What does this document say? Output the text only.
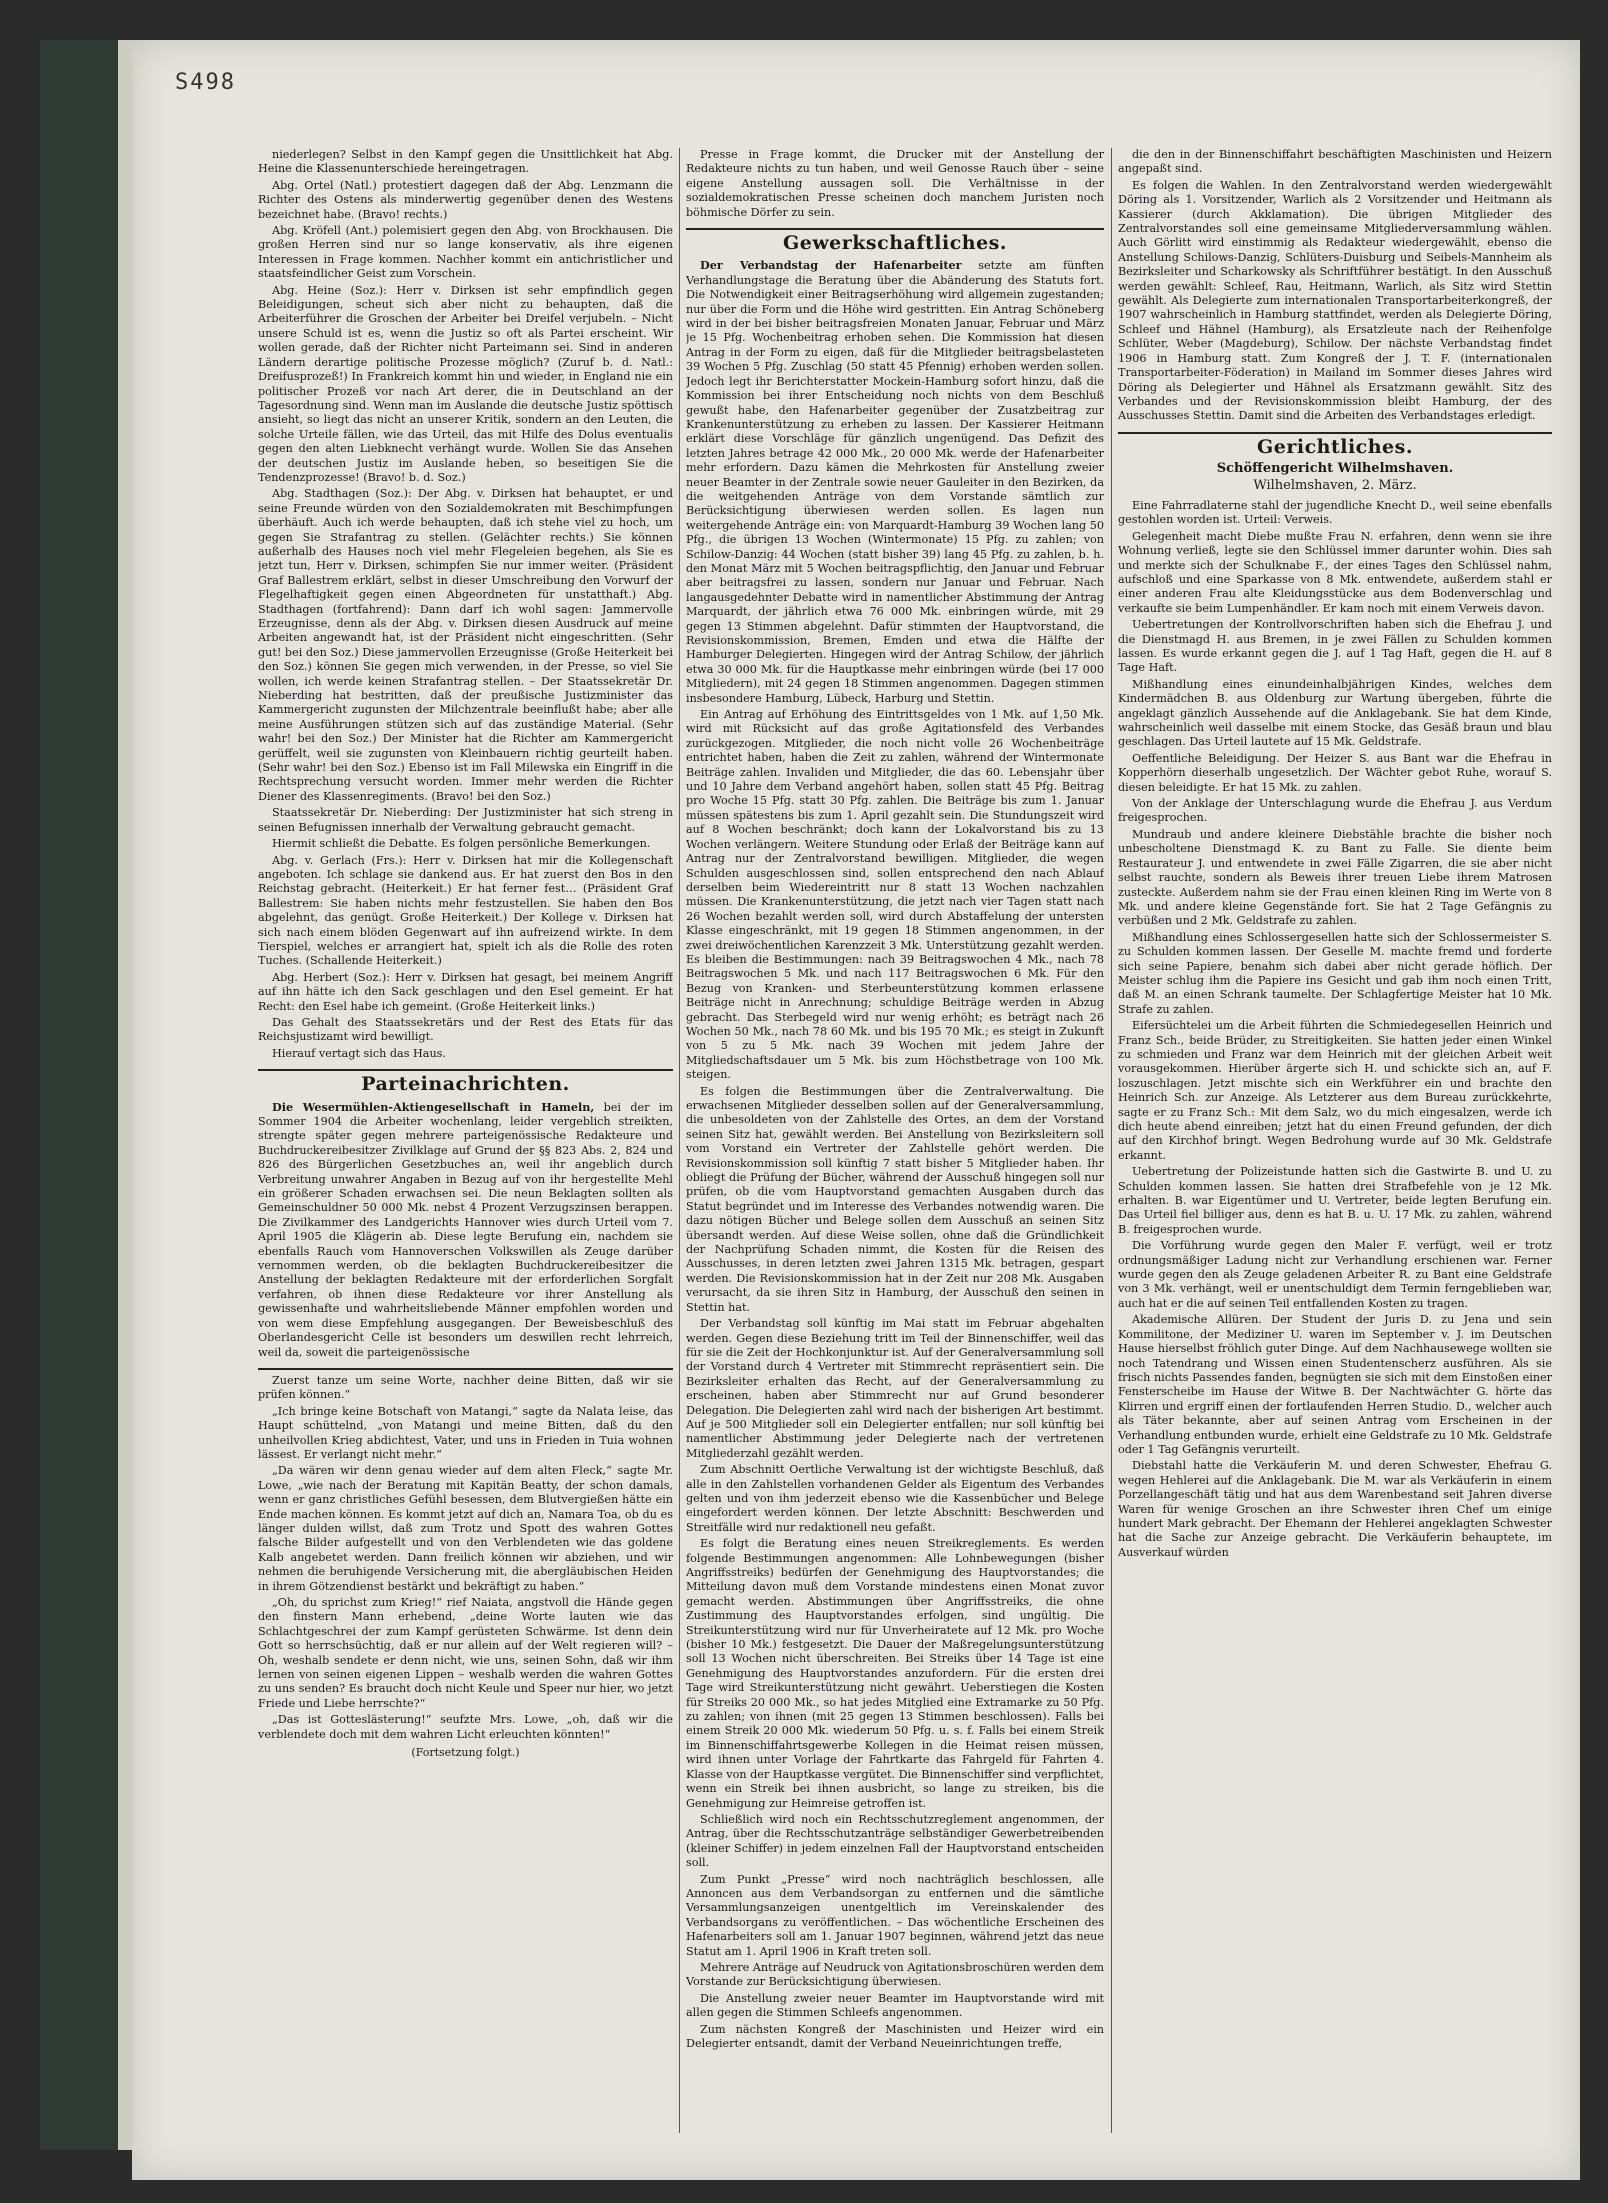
S498

niederlegen? Selbst in den Kampf gegen die Unsittlichkeit hat Abg. Heine die Klassenunterschiede hereingetragen.

Abg. Ortel (Natl.) protestiert dagegen daß der Abg. Lenzmann die Richter des Ostens als minderwertig gegenüber denen des Westens bezeichnet habe. (Bravo! rechts.)

Abg. Kröfell (Ant.) polemisiert gegen den Abg. von Brockhausen. Die großen Herren sind nur so lange konservativ, als ihre eigenen Interessen in Frage kommen. Nachher kommt ein antichristlicher und staatsfeindlicher Geist zum Vorschein.

Abg. Heine (Soz.): Herr v. Dirksen ist sehr empfindlich gegen Beleidigungen, scheut sich aber nicht zu behaupten, daß die Arbeiterführer die Groschen der Arbeiter bei Dreifel verjubeln. – Nicht unsere Schuld ist es, wenn die Justiz so oft als Partei erscheint. Wir wollen gerade, daß der Richter nicht Parteimann sei. Sind in anderen Ländern derartige politische Prozesse möglich? (Zuruf b. d. Natl.: Dreifusprozeß!) In Frankreich kommt hin und wieder, in England nie ein politischer Prozeß vor nach Art derer, die in Deutschland an der Tagesordnung sind. Wenn man im Auslande die deutsche Justiz spöttisch ansieht, so liegt das nicht an unserer Kritik, sondern an den Leuten, die solche Urteile fällen, wie das Urteil, das mit Hilfe des Dolus eventualis gegen den alten Liebknecht verhängt wurde. Wollen Sie das Ansehen der deutschen Justiz im Auslande heben, so beseitigen Sie die Tendenzprozesse! (Bravo! b. d. Soz.)

Abg. Stadthagen (Soz.): Der Abg. v. Dirksen hat behauptet, er und seine Freunde würden von den Sozialdemokraten mit Beschimpfungen überhäuft. Auch ich werde behaupten, daß ich stehe viel zu hoch, um gegen Sie Strafantrag zu stellen. (Gelächter rechts.) Sie können außerhalb des Hauses noch viel mehr Flegeleien begehen, als Sie es jetzt tun, Herr v. Dirksen, schimpfen Sie nur immer weiter. (Präsident Graf Ballestrem erklärt, selbst in dieser Umschreibung den Vorwurf der Flegelhaftigkeit gegen einen Abgeordneten für unstatthaft.) Abg. Stadthagen (fortfahrend): Dann darf ich wohl sagen: Jammervolle Erzeugnisse, denn als der Abg. v. Dirksen diesen Ausdruck auf meine Arbeiten angewandt hat, ist der Präsident nicht eingeschritten. (Sehr gut! bei den Soz.) Diese jammervollen Erzeugnisse (Große Heiterkeit bei den Soz.) können Sie gegen mich verwenden, in der Presse, so viel Sie wollen, ich werde keinen Strafantrag stellen. – Der Staatssekretär Dr. Nieberding hat bestritten, daß der preußische Justizminister das Kammergericht zugunsten der Milchzentrale beeinflußt habe; aber alle meine Ausführungen stützen sich auf das zuständige Material. (Sehr wahr! bei den Soz.) Der Minister hat die Richter am Kammergericht gerüffelt, weil sie zugunsten von Kleinbauern richtig geurteilt haben. (Sehr wahr! bei den Soz.) Ebenso ist im Fall Milewska ein Eingriff in die Rechtsprechung versucht worden. Immer mehr werden die Richter Diener des Klassenregiments. (Bravo! bei den Soz.)

Staatssekretär Dr. Nieberding: Der Justizminister hat sich streng in seinen Befugnissen innerhalb der Verwaltung gebraucht gemacht.

Hiermit schließt die Debatte. Es folgen persönliche Bemerkungen.

Abg. v. Gerlach (Frs.): Herr v. Dirksen hat mir die Kollegenschaft angeboten. Ich schlage sie dankend aus. Er hat zuerst den Bos in den Reichstag gebracht. (Heiterkeit.) Er hat ferner fest… (Präsident Graf Ballestrem: Sie haben nichts mehr festzustellen. Sie haben den Bos abgelehnt, das genügt. Große Heiterkeit.) Der Kollege v. Dirksen hat sich nach einem blöden Gegenwart auf ihn aufreizend wirkte. In dem Tierspiel, welches er arrangiert hat, spielt ich als die Rolle des roten Tuches. (Schallende Heiterkeit.)

Abg. Herbert (Soz.): Herr v. Dirksen hat gesagt, bei meinem Angriff auf ihn hätte ich den Sack geschlagen und den Esel gemeint. Er hat Recht: den Esel habe ich gemeint. (Große Heiterkeit links.)

Das Gehalt des Staatssekretärs und der Rest des Etats für das Reichsjustizamt wird bewilligt.

Hierauf vertagt sich das Haus.

Parteinachrichten.

Die Wesermühlen-Aktiengesellschaft in Hameln, bei der im Sommer 1904 die Arbeiter wochenlang, leider vergeblich streikten, strengte später gegen mehrere parteigenössische Redakteure und Buchdruckereibesitzer Zivilklage auf Grund der §§ 823 Abs. 2, 824 und 826 des Bürgerlichen Gesetzbuches an, weil ihr angeblich durch Verbreitung unwahrer Angaben in Bezug auf von ihr hergestellte Mehl ein größerer Schaden erwachsen sei. Die neun Beklagten sollten als Gemeinschuldner 50 000 Mk. nebst 4 Prozent Verzugszinsen berappen. Die Zivilkammer des Landgerichts Hannover wies durch Urteil vom 7. April 1905 die Klägerin ab. Diese legte Berufung ein, nachdem sie ebenfalls Rauch vom Hannoverschen Volkswillen als Zeuge darüber vernommen werden, ob die beklagten Buchdruckereibesitzer die Anstellung der beklagten Redakteure mit der erforderlichen Sorgfalt verfahren, ob ihnen diese Redakteure vor ihrer Anstellung als gewissenhafte und wahrheitsliebende Männer empfohlen worden und von wem diese Empfehlung ausgegangen. Der Beweisbeschluß des Oberlandesgericht Celle ist besonders um deswillen recht lehrreich, weil da, soweit die parteigenössische

Zuerst tanze um seine Worte, nachher deine Bitten, daß wir sie prüfen können.“

„Ich bringe keine Botschaft von Matangi,“ sagte da Nalata leise, das Haupt schüttelnd, „von Matangi und meine Bitten, daß du den unheilvollen Krieg abdichtest, Vater, und uns in Frieden in Tuia wohnen lässest. Er verlangt nicht mehr.“

„Da wären wir denn genau wieder auf dem alten Fleck,“ sagte Mr. Lowe, „wie nach der Beratung mit Kapitän Beatty, der schon damals, wenn er ganz christliches Gefühl besessen, dem Blutvergießen hätte ein Ende machen können. Es kommt jetzt auf dich an, Namara Toa, ob du es länger dulden willst, daß zum Trotz und Spott des wahren Gottes falsche Bilder aufgestellt und von den Verblendeten wie das goldene Kalb angebetet werden. Dann freilich können wir abziehen, und wir nehmen die beruhigende Versicherung mit, die abergläubischen Heiden in ihrem Götzendienst bestärkt und bekräftigt zu haben.“

„Oh, du sprichst zum Krieg!“ rief Naiata, angstvoll die Hände gegen den finstern Mann erhebend, „deine Worte lauten wie das Schlachtgeschrei der zum Kampf gerüsteten Schwärme. Ist denn dein Gott so herrschsüchtig, daß er nur allein auf der Welt regieren will? – Oh, weshalb sendete er denn nicht, wie uns, seinen Sohn, daß wir ihm lernen von seinen eigenen Lippen – weshalb werden die wahren Gottes zu uns senden? Es braucht doch nicht Keule und Speer nur hier, wo jetzt Friede und Liebe herrschte?“

„Das ist Gotteslästerung!“ seufzte Mrs. Lowe, „oh, daß wir die verblendete doch mit dem wahren Licht erleuchten könnten!“

(Fortsetzung folgt.)

Presse in Frage kommt, die Drucker mit der Anstellung der Redakteure nichts zu tun haben, und weil Genosse Rauch über – seine eigene Anstellung aussagen soll. Die Verhältnisse in der sozialdemokratischen Presse scheinen doch manchem Juristen noch böhmische Dörfer zu sein.

Gewerkschaftliches.

Der Verbandstag der Hafenarbeiter setzte am fünften Verhandlungstage die Beratung über die Abänderung des Statuts fort. Die Notwendigkeit einer Beitragserhöhung wird allgemein zugestanden; nur über die Form und die Höhe wird gestritten. Ein Antrag Schöneberg wird in der bei bisher beitragsfreien Monaten Januar, Februar und März je 15 Pfg. Wochenbeitrag erhoben sehen. Die Kommission hat diesen Antrag in der Form zu eigen, daß für die Mitglieder beitragsbelasteten 39 Wochen 5 Pfg. Zuschlag (50 statt 45 Pfennig) erhoben werden sollen. Jedoch legt ihr Berichterstatter Mockein-Hamburg sofort hinzu, daß die Kommission bei ihrer Entscheidung noch nichts von dem Beschluß gewußt habe, den Hafenarbeiter gegenüber der Zusatzbeitrag zur Krankenunterstützung zu erheben zu lassen. Der Kassierer Heitmann erklärt diese Vorschläge für gänzlich ungenügend. Das Defizit des letzten Jahres betrage 42 000 Mk., 20 000 Mk. werde der Hafenarbeiter mehr erfordern. Dazu kämen die Mehrkosten für Anstellung zweier neuer Beamter in der Zentrale sowie neuer Gauleiter in den Bezirken, da die weitgehenden Anträge von dem Vorstande sämtlich zur Berücksichtigung überwiesen werden sollen. Es lagen nun weitergehende Anträge ein: von Marquardt-Hamburg 39 Wochen lang 50 Pfg., die übrigen 13 Wochen (Wintermonate) 15 Pfg. zu zahlen; von Schilow-Danzig: 44 Wochen (statt bisher 39) lang 45 Pfg. zu zahlen, b. h. den Monat März mit 5 Wochen beitragspflichtig, den Januar und Februar aber beitragsfrei zu lassen, sondern nur Januar und Februar. Nach langausgedehnter Debatte wird in namentlicher Abstimmung der Antrag Marquardt, der jährlich etwa 76 000 Mk. einbringen würde, mit 29 gegen 13 Stimmen abgelehnt. Dafür stimmten der Hauptvorstand, die Revisionskommission, Bremen, Emden und etwa die Hälfte der Hamburger Delegierten. Hingegen wird der Antrag Schilow, der jährlich etwa 30 000 Mk. für die Hauptkasse mehr einbringen würde (bei 17 000 Mitgliedern), mit 24 gegen 18 Stimmen angenommen. Dagegen stimmen insbesondere Hamburg, Lübeck, Harburg und Stettin.

Ein Antrag auf Erhöhung des Eintrittsgeldes von 1 Mk. auf 1,50 Mk. wird mit Rücksicht auf das große Agitationsfeld des Verbandes zurückgezogen. Mitglieder, die noch nicht volle 26 Wochenbeiträge entrichtet haben, haben die Zeit zu zahlen, während der Wintermonate Beiträge zahlen. Invaliden und Mitglieder, die das 60. Lebensjahr über und 10 Jahre dem Verband angehört haben, sollen statt 45 Pfg. Beitrag pro Woche 15 Pfg. statt 30 Pfg. zahlen. Die Beiträge bis zum 1. Januar müssen spätestens bis zum 1. April gezahlt sein. Die Stundungszeit wird auf 8 Wochen beschränkt; doch kann der Lokalvorstand bis zu 13 Wochen verlängern. Weitere Stundung oder Erlaß der Beiträge kann auf Antrag nur der Zentralvorstand bewilligen. Mitglieder, die wegen Schulden ausgeschlossen sind, sollen entsprechend den nach Ablauf derselben beim Wiedereintritt nur 8 statt 13 Wochen nachzahlen müssen. Die Krankenunterstützung, die jetzt nach vier Tagen statt nach 26 Wochen bezahlt werden soll, wird durch Abstaffelung der untersten Klasse eingeschränkt, mit 19 gegen 18 Stimmen angenommen, in der zwei dreiwöchentlichen Karenzzeit 3 Mk. Unterstützung gezahlt werden. Es bleiben die Bestimmungen: nach 39 Beitragswochen 4 Mk., nach 78 Beitragswochen 5 Mk. und nach 117 Beitragswochen 6 Mk. Für den Bezug von Kranken- und Sterbeunterstützung kommen erlassene Beiträge nicht in Anrechnung; schuldige Beiträge werden in Abzug gebracht. Das Sterbegeld wird nur wenig erhöht; es beträgt nach 26 Wochen 50 Mk., nach 78 60 Mk. und bis 195 70 Mk.; es steigt in Zukunft von 5 zu 5 Mk. nach 39 Wochen mit jedem Jahre der Mitgliedschaftsdauer um 5 Mk. bis zum Höchstbetrage von 100 Mk. steigen.

Es folgen die Bestimmungen über die Zentralverwaltung. Die erwachsenen Mitglieder desselben sollen auf der Generalversammlung, die unbesoldeten von der Zahlstelle des Ortes, an dem der Vorstand seinen Sitz hat, gewählt werden. Bei Anstellung von Bezirksleitern soll vom Vorstand ein Vertreter der Zahlstelle gehört werden. Die Revisionskommission soll künftig 7 statt bisher 5 Mitglieder haben. Ihr obliegt die Prüfung der Bücher, während der Ausschuß hingegen soll nur prüfen, ob die vom Hauptvorstand gemachten Ausgaben durch das Statut begründet und im Interesse des Verbandes notwendig waren. Die dazu nötigen Bücher und Belege sollen dem Ausschuß an seinen Sitz übersandt werden. Auf diese Weise sollen, ohne daß die Gründlichkeit der Nachprüfung Schaden nimmt, die Kosten für die Reisen des Ausschusses, in deren letzten zwei Jahren 1315 Mk. betragen, gespart werden. Die Revisionskommission hat in der Zeit nur 208 Mk. Ausgaben verursacht, da sie ihren Sitz in Hamburg, der Ausschuß den seinen in Stettin hat.

Der Verbandstag soll künftig im Mai statt im Februar abgehalten werden. Gegen diese Beziehung tritt im Teil der Binnenschiffer, weil das für sie die Zeit der Hochkonjunktur ist. Auf der Generalversammlung soll der Vorstand durch 4 Vertreter mit Stimmrecht repräsentiert sein. Die Bezirksleiter erhalten das Recht, auf der Generalversammlung zu erscheinen, haben aber Stimmrecht nur auf Grund besonderer Delegation. Die Delegierten zahl wird nach der bisherigen Art bestimmt. Auf je 500 Mitglieder soll ein Delegierter entfallen; nur soll künftig bei namentlicher Abstimmung jeder Delegierte nach der vertretenen Mitgliederzahl gezählt werden.

Zum Abschnitt Oertliche Verwaltung ist der wichtigste Beschluß, daß alle in den Zahlstellen vorhandenen Gelder als Eigentum des Verbandes gelten und von ihm jederzeit ebenso wie die Kassenbücher und Belege eingefordert werden können. Der letzte Abschnitt: Beschwerden und Streitfälle wird nur redaktionell neu gefaßt.

Es folgt die Beratung eines neuen Streikreglements. Es werden folgende Bestimmungen angenommen: Alle Lohnbewegungen (bisher Angriffsstreiks) bedürfen der Genehmigung des Hauptvorstandes; die Mitteilung davon muß dem Vorstande mindestens einen Monat zuvor gemacht werden. Abstimmungen über Angriffsstreiks, die ohne Zustimmung des Hauptvorstandes erfolgen, sind ungültig. Die Streikunterstützung wird nur für Unverheiratete auf 12 Mk. pro Woche (bisher 10 Mk.) festgesetzt. Die Dauer der Maßregelungsunterstützung soll 13 Wochen nicht überschreiten. Bei Streiks über 14 Tage ist eine Genehmigung des Hauptvorstandes anzufordern. Für die ersten drei Tage wird Streikunterstützung nicht gewährt. Ueberstiegen die Kosten für Streiks 20 000 Mk., so hat jedes Mitglied eine Extramarke zu 50 Pfg. zu zahlen; von ihnen (mit 25 gegen 13 Stimmen beschlossen). Falls bei einem Streik 20 000 Mk. wiederum 50 Pfg. u. s. f. Falls bei einem Streik im Binnenschiffahrtsgewerbe Kollegen in die Heimat reisen müssen, wird ihnen unter Vorlage der Fahrtkarte das Fahrgeld für Fahrten 4. Klasse von der Hauptkasse vergütet. Die Binnenschiffer sind verpflichtet, wenn ein Streik bei ihnen ausbricht, so lange zu streiken, bis die Genehmigung zur Heimreise getroffen ist.

Schließlich wird noch ein Rechtsschutzreglement angenommen, der Antrag, über die Rechtsschutzanträge selbständiger Gewerbetreibenden (kleiner Schiffer) in jedem einzelnen Fall der Hauptvorstand entscheiden soll.

Zum Punkt „Presse“ wird noch nachträglich beschlossen, alle Annoncen aus dem Verbandsorgan zu entfernen und die sämtliche Versammlungsanzeigen unentgeltlich im Vereinskalender des Verbandsorgans zu veröffentlichen. – Das wöchentliche Erscheinen des Hafenarbeiters soll am 1. Januar 1907 beginnen, während jetzt das neue Statut am 1. April 1906 in Kraft treten soll.

Mehrere Anträge auf Neudruck von Agitationsbroschüren werden dem Vorstande zur Berücksichtigung überwiesen.

Die Anstellung zweier neuer Beamter im Hauptvorstande wird mit allen gegen die Stimmen Schleefs angenommen.

Zum nächsten Kongreß der Maschinisten und Heizer wird ein Delegierter entsandt, damit der Verband Neueinrichtungen treffe,

die den in der Binnenschiffahrt beschäftigten Maschinisten und Heizern angepaßt sind.

Es folgen die Wahlen. In den Zentralvorstand werden wiedergewählt Döring als 1. Vorsitzender, Warlich als 2 Vorsitzender und Heitmann als Kassierer (durch Akklamation). Die übrigen Mitglieder des Zentralvorstandes soll eine gemeinsame Mitgliederversammlung wählen. Auch Görlitt wird einstimmig als Redakteur wiedergewählt, ebenso die Anstellung Schilows-Danzig, Schlüters-Duisburg und Seibels-Mannheim als Bezirksleiter und Scharkowsky als Schriftführer bestätigt. In den Ausschuß werden gewählt: Schleef, Rau, Heitmann, Warlich, als Sitz wird Stettin gewählt. Als Delegierte zum internationalen Transportarbeiterkongreß, der 1907 wahrscheinlich in Hamburg stattfindet, werden als Delegierte Döring, Schleef und Hähnel (Hamburg), als Ersatzleute nach der Reihenfolge Schlüter, Weber (Magdeburg), Schilow. Der nächste Verbandstag findet 1906 in Hamburg statt. Zum Kongreß der J. T. F. (internationalen Transportarbeiter-Föderation) in Mailand im Sommer dieses Jahres wird Döring als Delegierter und Hähnel als Ersatzmann gewählt. Sitz des Verbandes und der Revisionskommission bleibt Hamburg, der des Ausschusses Stettin. Damit sind die Arbeiten des Verbandstages erledigt.

Gerichtliches.
Schöffengericht Wilhelmshaven.
Wilhelmshaven, 2. März.

Eine Fahrradlaterne stahl der jugendliche Knecht D., weil seine ebenfalls gestohlen worden ist. Urteil: Verweis.

Gelegenheit macht Diebe mußte Frau N. erfahren, denn wenn sie ihre Wohnung verließ, legte sie den Schlüssel immer darunter wohin. Dies sah und merkte sich der Schulknabe F., der eines Tages den Schlüssel nahm, aufschloß und eine Sparkasse von 8 Mk. entwendete, außerdem stahl er einer anderen Frau alte Kleidungsstücke aus dem Bodenverschlag und verkaufte sie beim Lumpenhändler. Er kam noch mit einem Verweis davon.

Uebertretungen der Kontrollvorschriften haben sich die Ehefrau J. und die Dienstmagd H. aus Bremen, in je zwei Fällen zu Schulden kommen lassen. Es wurde erkannt gegen die J. auf 1 Tag Haft, gegen die H. auf 8 Tage Haft.

Mißhandlung eines einundeinhalbjährigen Kindes, welches dem Kindermädchen B. aus Oldenburg zur Wartung übergeben, führte die angeklagt gänzlich Aussehende auf die Anklagebank. Sie hat dem Kinde, wahrscheinlich weil dasselbe mit einem Stocke, das Gesäß braun und blau geschlagen. Das Urteil lautete auf 15 Mk. Geldstrafe.

Oeffentliche Beleidigung. Der Heizer S. aus Bant war die Ehefrau in Kopperhörn dieserhalb ungesetzlich. Der Wächter gebot Ruhe, worauf S. diesen beleidigte. Er hat 15 Mk. zu zahlen.

Von der Anklage der Unterschlagung wurde die Ehefrau J. aus Verdum freigesprochen.

Mundraub und andere kleinere Diebstähle brachte die bisher noch unbescholtene Dienstmagd K. zu Bant zu Falle. Sie diente beim Restaurateur J. und entwendete in zwei Fälle Zigarren, die sie aber nicht selbst rauchte, sondern als Beweis ihrer treuen Liebe ihrem Matrosen zusteckte. Außerdem nahm sie der Frau einen kleinen Ring im Werte von 8 Mk. und andere kleine Gegenstände fort. Sie hat 2 Tage Gefängnis zu verbüßen und 2 Mk. Geldstrafe zu zahlen.

Mißhandlung eines Schlossergesellen hatte sich der Schlossermeister S. zu Schulden kommen lassen. Der Geselle M. machte fremd und forderte sich seine Papiere, benahm sich dabei aber nicht gerade höflich. Der Meister schlug ihm die Papiere ins Gesicht und gab ihm noch einen Tritt, daß M. an einen Schrank taumelte. Der Schlagfertige Meister hat 10 Mk. Strafe zu zahlen.

Eifersüchtelei um die Arbeit führten die Schmiedegesellen Heinrich und Franz Sch., beide Brüder, zu Streitigkeiten. Sie hatten jeder einen Winkel zu schmieden und Franz war dem Heinrich mit der gleichen Arbeit weit vorausgekommen. Hierüber ärgerte sich H. und schickte sich an, auf F. loszuschlagen. Jetzt mischte sich ein Werkführer ein und brachte den Heinrich Sch. zur Anzeige. Als Letzterer aus dem Bureau zurückkehrte, sagte er zu Franz Sch.: Mit dem Salz, wo du mich eingesalzen, werde ich dich heute abend einreiben; jetzt hat du einen Freund gefunden, der dich auf den Kirchhof bringt. Wegen Bedrohung wurde auf 30 Mk. Geldstrafe erkannt.

Uebertretung der Polizeistunde hatten sich die Gastwirte B. und U. zu Schulden kommen lassen. Sie hatten drei Strafbefehle von je 12 Mk. erhalten. B. war Eigentümer und U. Vertreter, beide legten Berufung ein. Das Urteil fiel billiger aus, denn es hat B. u. U. 17 Mk. zu zahlen, während B. freigesprochen wurde.

Die Vorführung wurde gegen den Maler F. verfügt, weil er trotz ordnungsmäßiger Ladung nicht zur Verhandlung erschienen war. Ferner wurde gegen den als Zeuge geladenen Arbeiter R. zu Bant eine Geldstrafe von 3 Mk. verhängt, weil er unentschuldigt dem Termin ferngeblieben war, auch hat er die auf seinen Teil entfallenden Kosten zu tragen.

Akademische Allüren. Der Student der Juris D. zu Jena und sein Kommilitone, der Mediziner U. waren im September v. J. im Deutschen Hause hierselbst fröhlich guter Dinge. Auf dem Nachhausewege wollten sie noch Tatendrang und Wissen einen Studentenscherz ausführen. Als sie frisch nichts Passendes fanden, begnügten sie sich mit dem Einstoßen einer Fensterscheibe im Hause der Witwe B. Der Nachtwächter G. hörte das Klirren und ergriff einen der fortlaufenden Herren Studio. D., welcher auch als Täter bekannte, aber auf seinen Antrag vom Erscheinen in der Verhandlung entbunden wurde, erhielt eine Geldstrafe zu 10 Mk. Geldstrafe oder 1 Tag Gefängnis verurteilt.

Diebstahl hatte die Verkäuferin M. und deren Schwester, Ehefrau G. wegen Hehlerei auf die Anklagebank. Die M. war als Verkäuferin in einem Porzellangeschäft tätig und hat aus dem Warenbestand seit Jahren diverse Waren für wenige Groschen an ihre Schwester ihren Chef um einige hundert Mark gebracht. Der Ehemann der Hehlerei angeklagten Schwester hat die Sache zur Anzeige gebracht. Die Verkäuferin behauptete, im Ausverkauf würden
